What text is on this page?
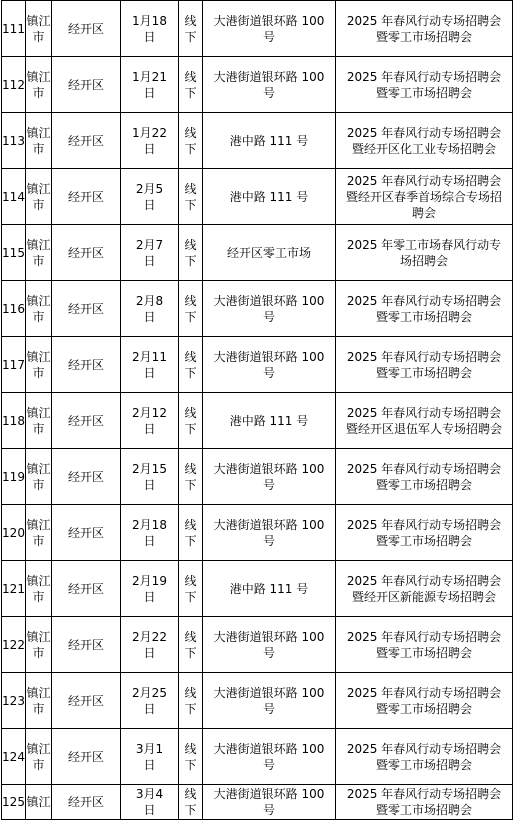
111	镇江市	经开区	1月18日	线下	大港街道银环路 100 号	2025 年春风行动专场招聘会暨零工市场招聘会
112	镇江市	经开区	1月21日	线下	大港街道银环路 100 号	2025 年春风行动专场招聘会暨零工市场招聘会
113	镇江市	经开区	1月22日	线下	港中路 111 号	2025 年春风行动专场招聘会暨经开区化工业专场招聘会
114	镇江市	经开区	2月5日	线下	港中路 111 号	2025 年春风行动专场招聘会暨经开区春季首场综合专场招聘会
115	镇江市	经开区	2月7日	线下	经开区零工市场	2025 年零工市场春风行动专场招聘会
116	镇江市	经开区	2月8日	线下	大港街道银环路 100 号	2025 年春风行动专场招聘会暨零工市场招聘会
117	镇江市	经开区	2月11日	线下	大港街道银环路 100 号	2025 年春风行动专场招聘会暨零工市场招聘会
118	镇江市	经开区	2月12日	线下	港中路 111 号	2025 年春风行动专场招聘会暨经开区退伍军人专场招聘会
119	镇江市	经开区	2月15日	线下	大港街道银环路 100 号	2025 年春风行动专场招聘会暨零工市场招聘会
120	镇江市	经开区	2月18日	线下	大港街道银环路 100 号	2025 年春风行动专场招聘会暨零工市场招聘会
121	镇江市	经开区	2月19日	线下	港中路 111 号	2025 年春风行动专场招聘会暨经开区新能源专场招聘会
122	镇江市	经开区	2月22日	线下	大港街道银环路 100 号	2025 年春风行动专场招聘会暨零工市场招聘会
123	镇江市	经开区	2月25日	线下	大港街道银环路 100 号	2025 年春风行动专场招聘会暨零工市场招聘会
124	镇江市	经开区	3月1日	线下	大港街道银环路 100 号	2025 年春风行动专场招聘会暨零工市场招聘会
125	镇江	经开区	3月4日	线下	大港街道银环路 100 号	2025 年春风行动专场招聘会暨零工市场招聘会
